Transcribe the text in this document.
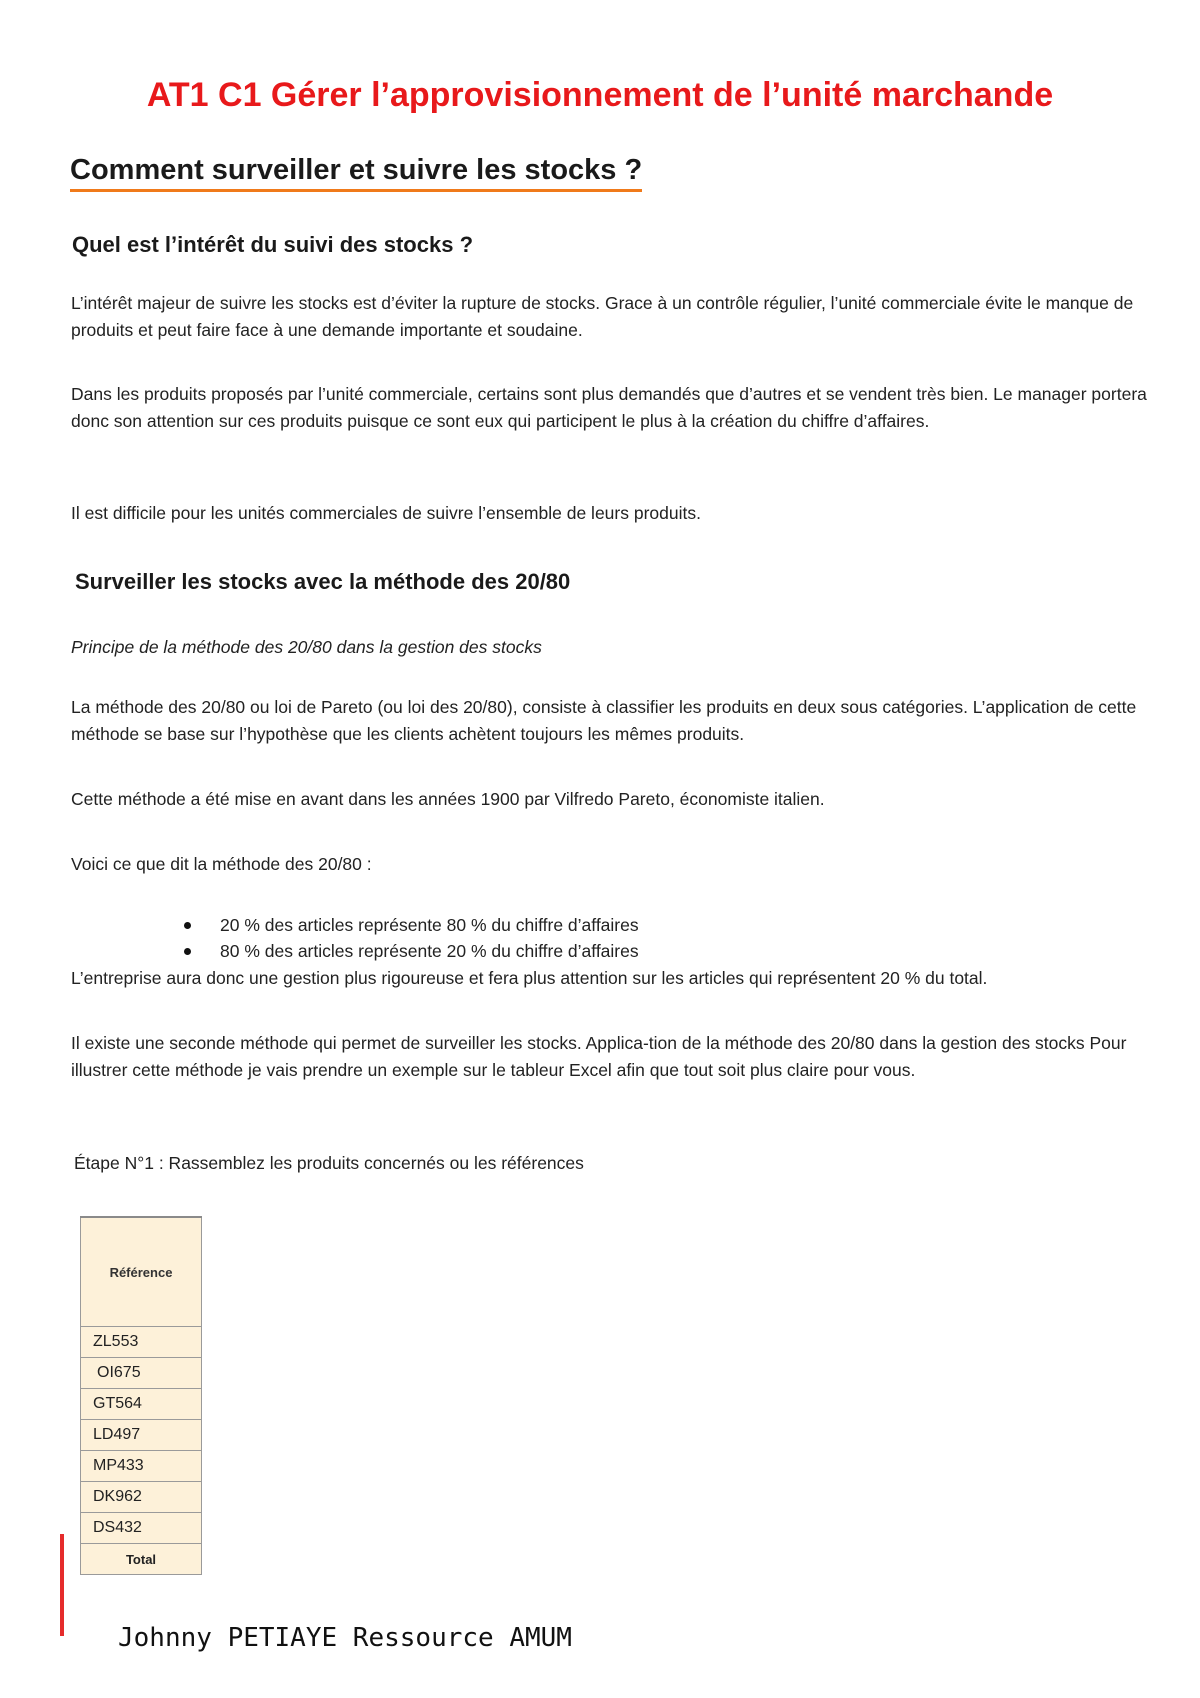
AT1 C1 Gérer l’approvisionnement de l’unité marchande
Comment surveiller et suivre les stocks ?
Quel est l’intérêt du suivi des stocks ?

L’intérêt majeur de suivre les stocks est d’éviter la rupture de stocks. Grace à un contrôle régulier, l’unité commerciale évite le manque de produits et peut faire face à une demande importante et soudaine.

Dans les produits proposés par l’unité commerciale, certains sont plus demandés que d’autres et se vendent très bien. Le manager portera donc son attention sur ces produits puisque ce sont eux qui participent le plus à la création du chiffre d’affaires.

Il est difficile pour les unités commerciales de suivre l’ensemble de leurs produits.

Surveiller les stocks avec la méthode des 20/80

Principe de la méthode des 20/80 dans la gestion des stocks

La méthode des 20/80 ou loi de Pareto (ou loi des 20/80), consiste à classifier les produits en deux sous catégories. L’application de cette méthode se base sur l’hypothèse que les clients achètent toujours les mêmes produits.

Cette méthode a été mise en avant dans les années 1900 par Vilfredo Pareto, économiste italien.

Voici ce que dit la méthode des 20/80 :

20 % des articles représente 80 % du chiffre d’affaires
80 % des articles représente 20 % du chiffre d’affaires

L’entreprise aura donc une gestion plus rigoureuse et fera plus attention sur les articles qui représentent 20 % du total.

Il existe une seconde méthode qui permet de surveiller les stocks. Applica-tion de la méthode des 20/80 dans la gestion des stocks Pour illustrer cette méthode je vais prendre un exemple sur le tableur Excel afin que tout soit plus claire pour vous.

Étape N°1 : Rassemblez les produits concernés ou les références

Référence
ZL553
OI675
GT564
LD497
MP433
DK962
DS432
Total

Johnny PETIAYE Ressource AMUM
